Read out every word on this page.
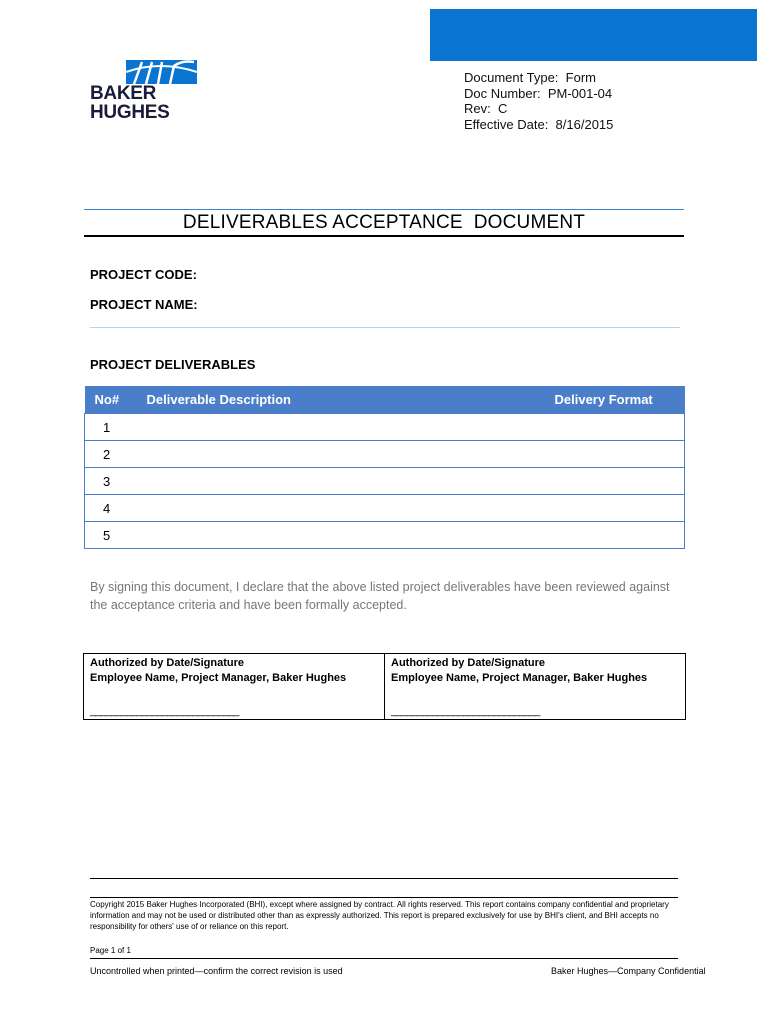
BAKER
HUGHES
Document Type: Form
Doc Number: PM-001-04
Rev: C
Effective Date: 8/16/2015
DELIVERABLES ACCEPTANCE  DOCUMENT
PROJECT CODE:
PROJECT NAME:
PROJECT DELIVERABLES
No#	Deliverable Description	Delivery Format
1		
2		
3		
4		
5		
By signing this document, I declare that the above listed project deliverables have been reviewed against the acceptance criteria and have been formally accepted.
Authorized by Date/Signature
Employee Name, Project Manager, Baker Hughes
_____________________________

Authorized by Date/Signature
Employee Name, Project Manager, Baker Hughes
_____________________________
Copyright 2015 Baker Hughes Incorporated (BHI), except where assigned by contract. All rights reserved. This report contains company confidential and proprietary information and may not be used or distributed other than as expressly authorized. This report is prepared exclusively for use by BHI's client, and BHI accepts no responsibility for others' use of or reliance on this report.
Page 1 of 1
Uncontrolled when printed—confirm the correct revision is used	Baker Hughes—Company Confidential
